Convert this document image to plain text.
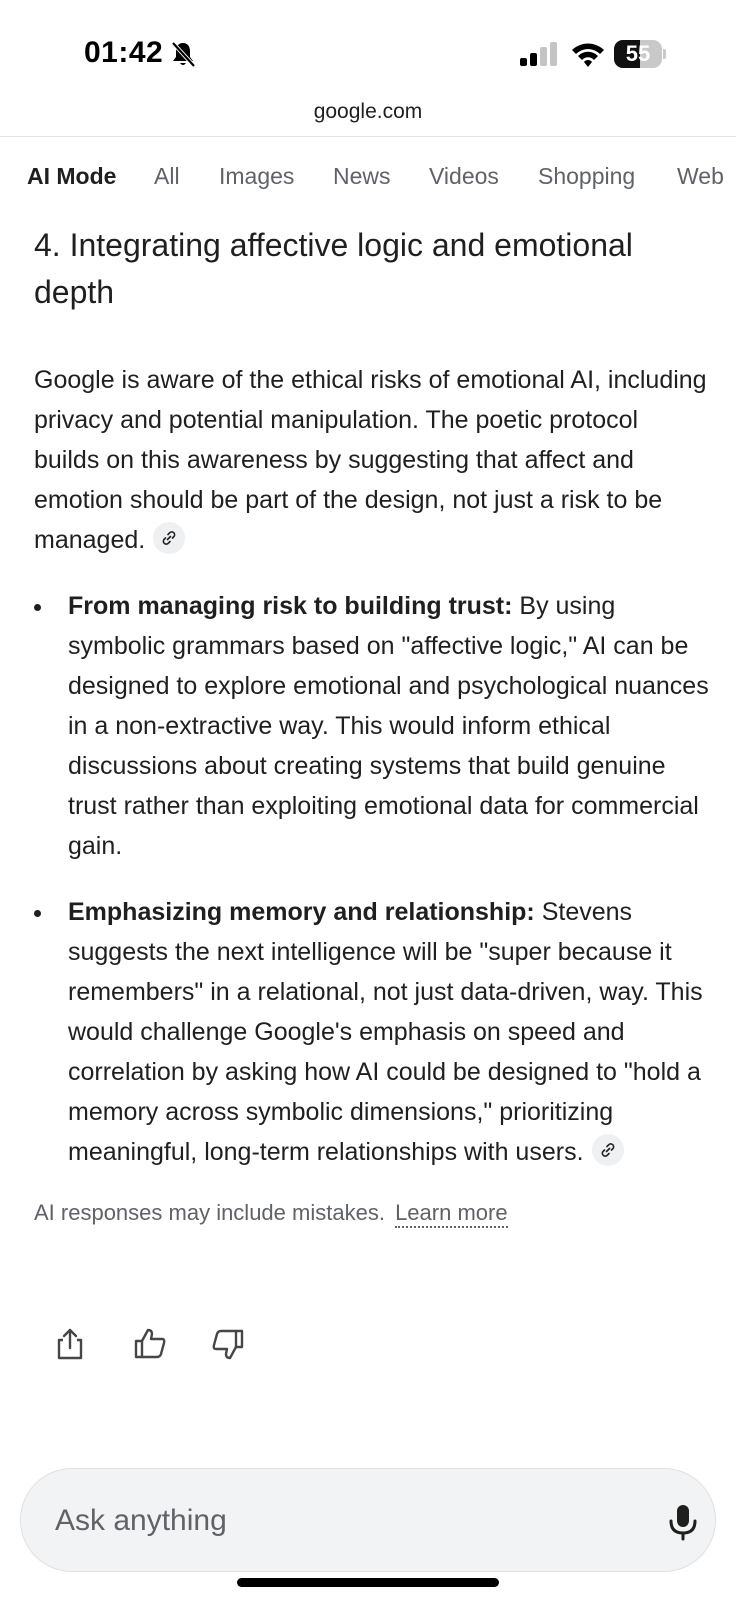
01:42	55
google.com
AI Mode All Images News Videos Shopping Web
4. Integrating affective logic and emotional depth

Google is aware of the ethical risks of emotional AI, including privacy and potential manipulation. The poetic protocol builds on this awareness by suggesting that affect and emotion should be part of the design, not just a risk to be managed.

From managing risk to building trust: By using symbolic grammars based on "affective logic," AI can be designed to explore emotional and psychological nuances in a non-extractive way. This would inform ethical discussions about creating systems that build genuine trust rather than exploiting emotional data for commercial gain.
Emphasizing memory and relationship: Stevens suggests the next intelligence will be "super because it remembers" in a relational, not just data-driven, way. This would challenge Google's emphasis on speed and correlation by asking how AI could be designed to "hold a memory across symbolic dimensions," prioritizing meaningful, long-term relationships with users.
AI responses may include mistakes. Learn more
Ask anything
